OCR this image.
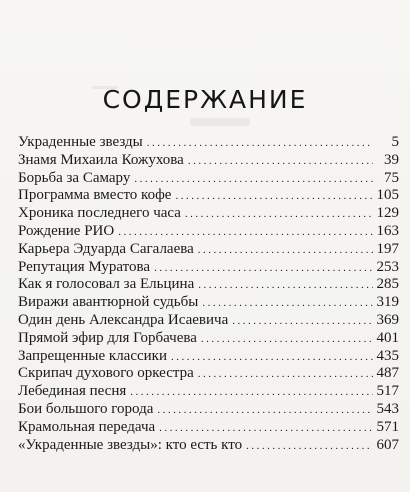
СОДЕРЖАНИЕ
Украденные звезды .....	5
Знамя Михаила Кожухова .....	39
Борьба за Самару .....	75
Программа вместо кофе .....	105
Хроника последнего часа .....	129
Рождение РИО .....	163
Карьера Эдуарда Сагалаева .....	197
Репутация Муратова .....	253
Как я голосовал за Ельцина .....	285
Виражи авантюрной судьбы .....	319
Один день Александра Исаевича .....	369
Прямой эфир для Горбачева .....	401
Запрещенные классики .....	435
Скрипач духового оркестра .....	487
Лебединая песня .....	517
Бои большого города .....	543
Крамольная передача .....	571
«Украденные звезды»: кто есть кто .....	607
